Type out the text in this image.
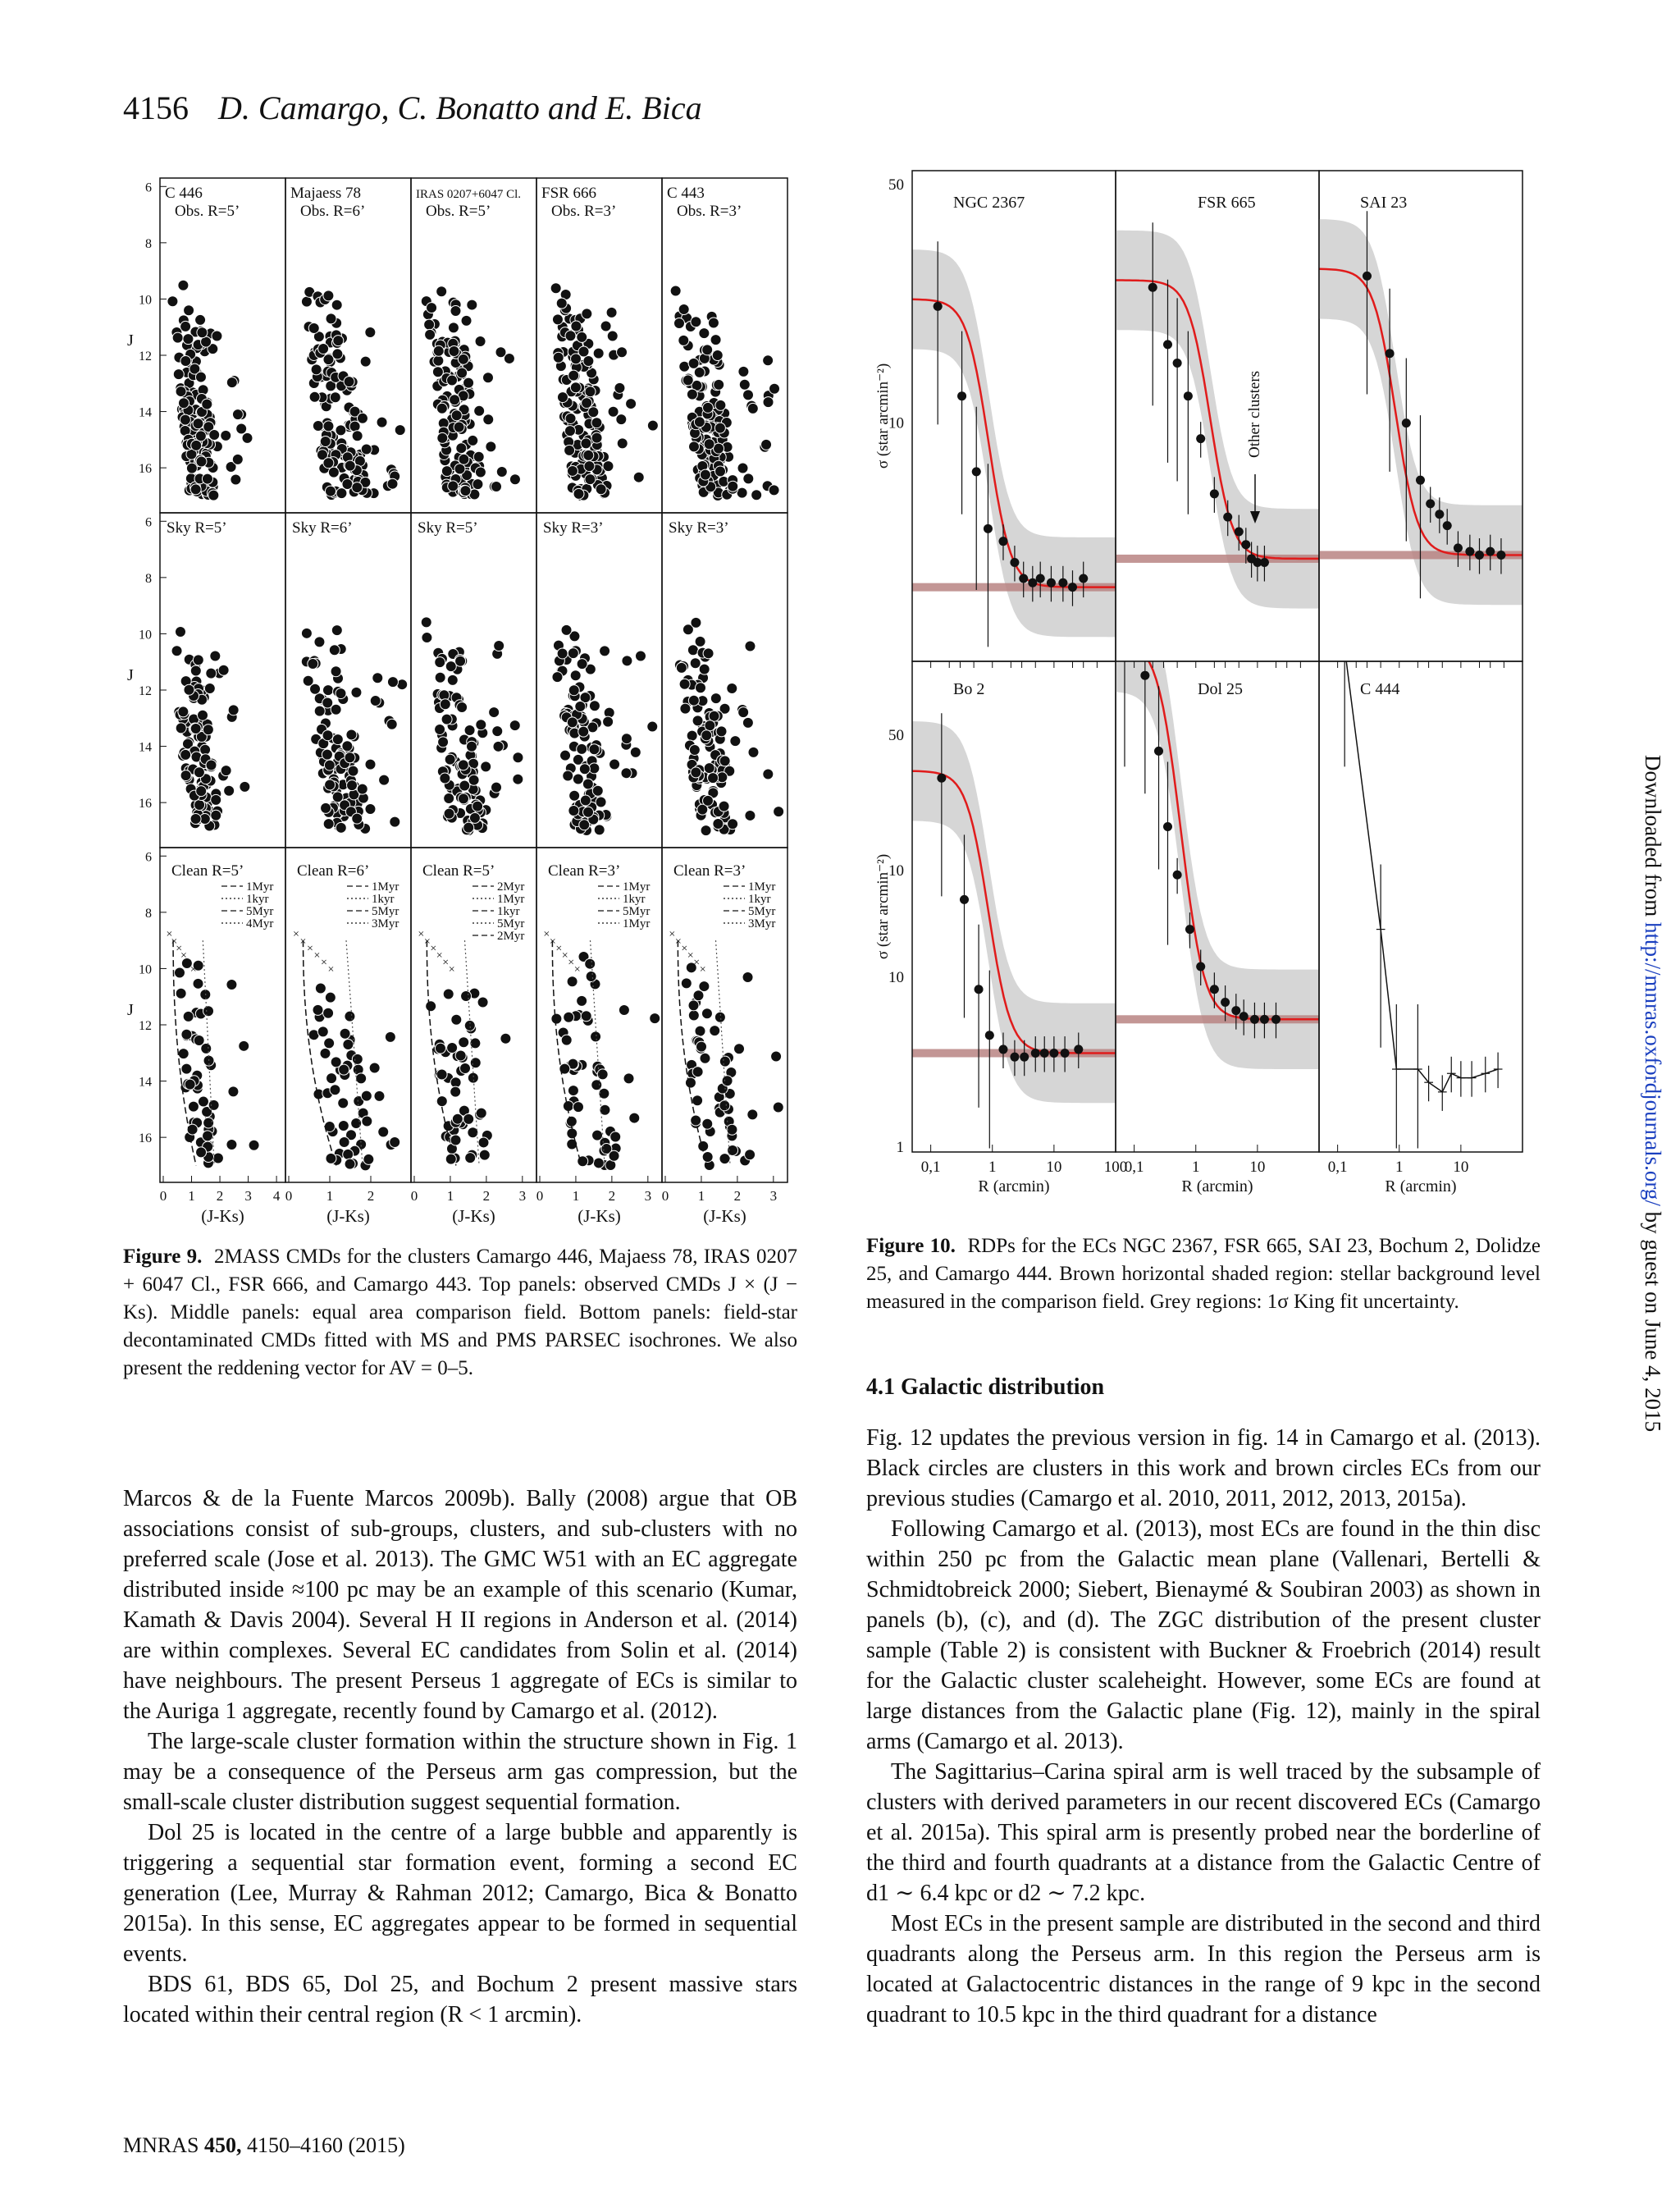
4156 D. Camargo, C. Bonatto and E. Bica
C 446
Obs. R=5’
6
8
10
12
14
16
J
Majaess 78
Obs. R=6’
IRAS 0207+6047 Cl.
Obs. R=5’
FSR 666
Obs. R=3’
C 443
Obs. R=3’
Sky R=5’
6
8
10
12
14
16
J
Sky R=6’	Sky R=5’	Sky R=3’	Sky R=3’
×
×
×
×
×
×
1Myr
1kyr
5Myr
4Myr
Clean R=5’
0 1 2 3 4
(J-Ks)
6
8
10
12
14
16
J
×
×
×
×
×
×
1Myr
1kyr
5Myr
3Myr
Clean R=6’
0 1 2
(J-Ks)
×
×
×
×
×
×
2Myr
1Myr
1kyr
5Myr
2Myr
Clean R=5’
0 1 2 3
(J-Ks)
×
×
×
×
×
×
1Myr
1kyr
5Myr
1Myr
Clean R=3’
0 1 2 3
(J-Ks)
×
×
×
×
×
×
1Myr
1kyr
5Myr
3Myr
Clean R=3’
0 1 2 3
(J-Ks)
Figure 9. 2MASS CMDs for the clusters Camargo 446, Majaess 78, IRAS 0207 + 6047 Cl., FSR 666, and Camargo 443. Top panels: observed CMDs J × (J − Ks). Middle panels: equal area comparison field. Bottom panels: field-star decontaminated CMDs fitted with MS and PMS PARSEC isochrones. We also present the reddening vector for AV = 0–5.
NGC 2367
50
10
σ (star arcmin⁻²)
FSR 665
Other clusters
SAI 23
Bo 2
50
10
10
1
σ (star arcmin⁻²)
0,1	1	10	100
R (arcmin)
Dol 25
0,1	1	10
R (arcmin)
C 444
0,1	1	10
R (arcmin)
Figure 10. RDPs for the ECs NGC 2367, FSR 665, SAI 23, Bochum 2, Dolidze 25, and Camargo 444. Brown horizontal shaded region: stellar background level measured in the comparison field. Grey regions: 1σ King fit uncertainty.

Marcos & de la Fuente Marcos 2009b). Bally (2008) argue that OB associations consist of sub-groups, clusters, and sub-clusters with no preferred scale (Jose et al. 2013). The GMC W51 with an EC aggregate distributed inside ≈100 pc may be an example of this scenario (Kumar, Kamath & Davis 2004). Several H II regions in Anderson et al. (2014) are within complexes. Several EC candidates from Solin et al. (2014) have neighbours. The present Perseus 1 aggregate of ECs is similar to the Auriga 1 aggregate, recently found by Camargo et al. (2012).

The large-scale cluster formation within the structure shown in Fig. 1 may be a consequence of the Perseus arm gas compression, but the small-scale cluster distribution suggest sequential formation.

Dol 25 is located in the centre of a large bubble and apparently is triggering a sequential star formation event, forming a second EC generation (Lee, Murray & Rahman 2012; Camargo, Bica & Bonatto 2015a). In this sense, EC aggregates appear to be formed in sequential events.

BDS 61, BDS 65, Dol 25, and Bochum 2 present massive stars located within their central region (R < 1 arcmin).

4.1 Galactic distribution

Fig. 12 updates the previous version in fig. 14 in Camargo et al. (2013). Black circles are clusters in this work and brown circles ECs from our previous studies (Camargo et al. 2010, 2011, 2012, 2013, 2015a).

Following Camargo et al. (2013), most ECs are found in the thin disc within 250 pc from the Galactic mean plane (Vallenari, Bertelli & Schmidtobreick 2000; Siebert, Bienaymé & Soubiran 2003) as shown in panels (b), (c), and (d). The ZGC distribution of the present cluster sample (Table 2) is consistent with Buckner & Froebrich (2014) result for the Galactic cluster scaleheight. However, some ECs are found at large distances from the Galactic plane (Fig. 12), mainly in the spiral arms (Camargo et al. 2013).

The Sagittarius–Carina spiral arm is well traced by the subsample of clusters with derived parameters in our recent discovered ECs (Camargo et al. 2015a). This spiral arm is presently probed near the borderline of the third and fourth quadrants at a distance from the Galactic Centre of d1 ∼ 6.4 kpc or d2 ∼ 7.2 kpc.

Most ECs in the present sample are distributed in the second and third quadrants along the Perseus arm. In this region the Perseus arm is located at Galactocentric distances in the range of 9 kpc in the second quadrant to 10.5 kpc in the third quadrant for a distance

MNRAS 450, 4150–4160 (2015)
Downloaded from http://mnras.oxfordjournals.org/ by guest on June 4, 2015
